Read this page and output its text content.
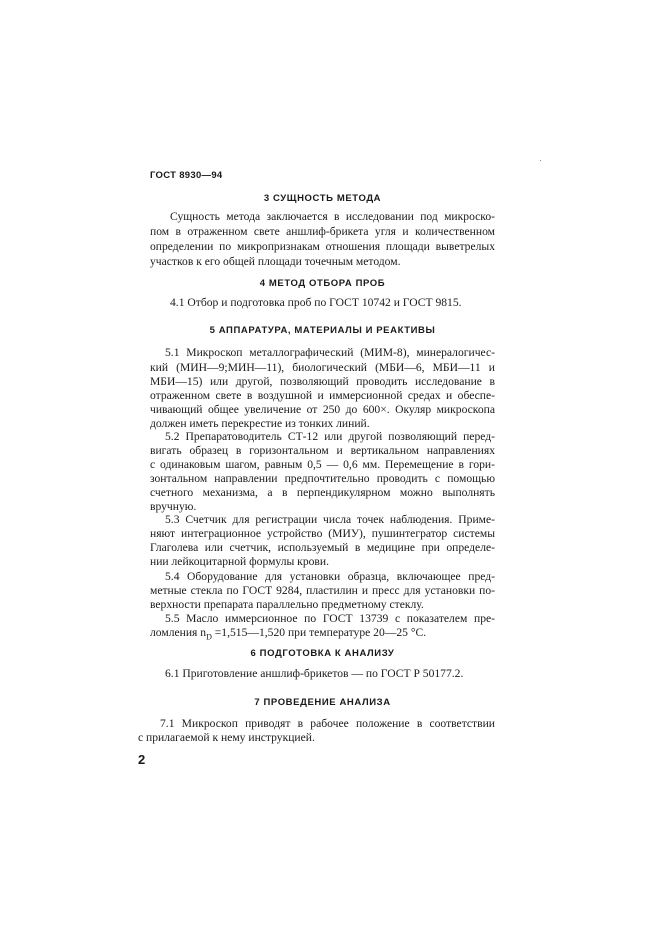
ГОСТ 8930—94
3 СУЩНОСТЬ МЕТОДА
Сущность метода заключается в исследовании под микроско-
пом в отраженном свете аншлиф-брикета угля и количественном
определении по микропризнакам отношения площади выветрелых
участков к его общей площади точечным методом.
4 МЕТОД ОТБОРА ПРОБ
4.1 Отбор и подготовка проб по ГОСТ 10742 и ГОСТ 9815.
5 АППАРАТУРА, МАТЕРИАЛЫ И РЕАКТИВЫ
5.1 Микроскоп металлографический (МИМ-8), минералогичес-
кий (МИН—9;МИН—11), биологический (МБИ—6, МБИ—11 и
МБИ—15) или другой, позволяющий проводить исследование в
отраженном свете в воздушной и иммерсионной средах и обеспе-
чивающий общее увеличение от 250 до 600×. Окуляр микроскопа
должен иметь перекрестие из тонких линий.
5.2 Препаратоводитель СТ-12 или другой позволяющий перед-
вигать образец в горизонтальном и вертикальном направлениях
с одинаковым шагом, равным 0,5 — 0,6 мм. Перемещение в гори-
зонтальном направлении предпочтительно проводить с помощью
счетного механизма, а в перпендикулярном можно выполнять
вручную.
5.3 Счетчик для регистрации числа точек наблюдения. Приме-
няют интеграционное устройство (МИУ), пушинтегратор системы
Глаголева или счетчик, используемый в медицине при определе-
нии лейкоцитарной формулы крови.
5.4 Оборудование для установки образца, включающее пред-
метные стекла по ГОСТ 9284, пластилин и пресс для установки по-
верхности препарата параллельно предметному стеклу.
5.5 Масло иммерсионное по ГОСТ 13739 с показателем пре-
ломления $n_D$ =1,515—1,520 при температуре 20—25 °С.
6 ПОДГОТОВКА К АНАЛИЗУ
6.1 Приготовление аншлиф-брикетов — по ГОСТ Р 50177.2.
7 ПРОВЕДЕНИЕ АНАЛИЗА
7.1 Микроскоп приводят в рабочее положение в соответствии
с прилагаемой к нему инструкцией.
2
